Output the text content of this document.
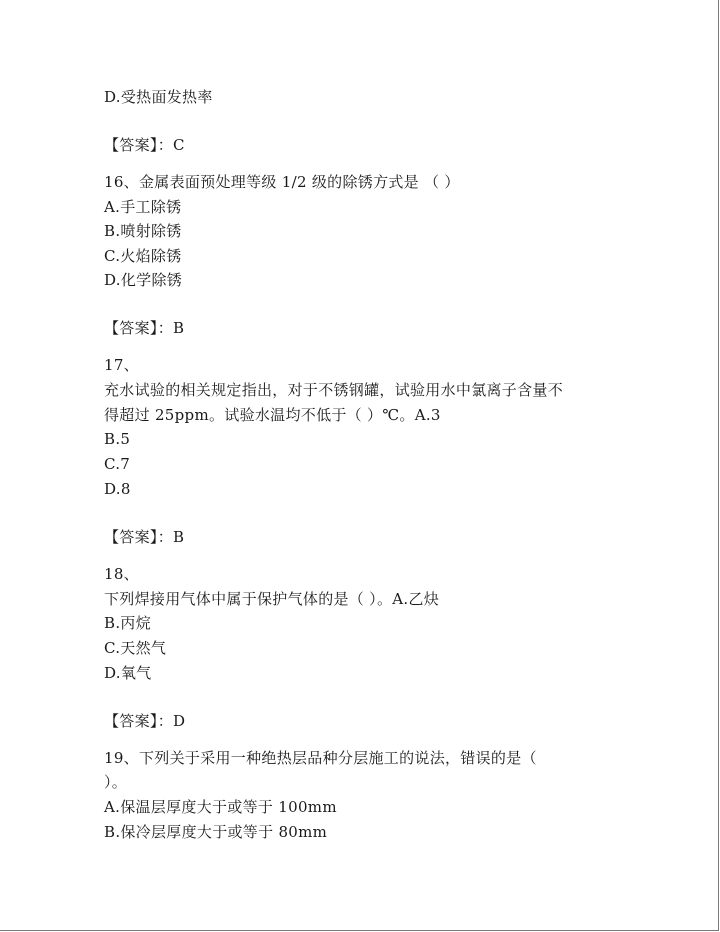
D.受热面发热率
【答案】：C
16、金属表面预处理等级 1/2 级的除锈方式是 （ ）
A.手工除锈
B.喷射除锈
C.火焰除锈
D.化学除锈
【答案】：B
17、
充水试验的相关规定指出，对于不锈钢罐，试验用水中氯离子含量不
得超过 25ppm。试验水温均不低于（ ）℃。A.3
B.5
C.7
D.8
【答案】：B
18、
下列焊接用气体中属于保护气体的是（ ）。A.乙炔
B.丙烷
C.天然气
D.氧气
【答案】：D
19、下列关于采用一种绝热层品种分层施工的说法，错误的是（
）。
A.保温层厚度大于或等于 100mm
B.保冷层厚度大于或等于 80mm
